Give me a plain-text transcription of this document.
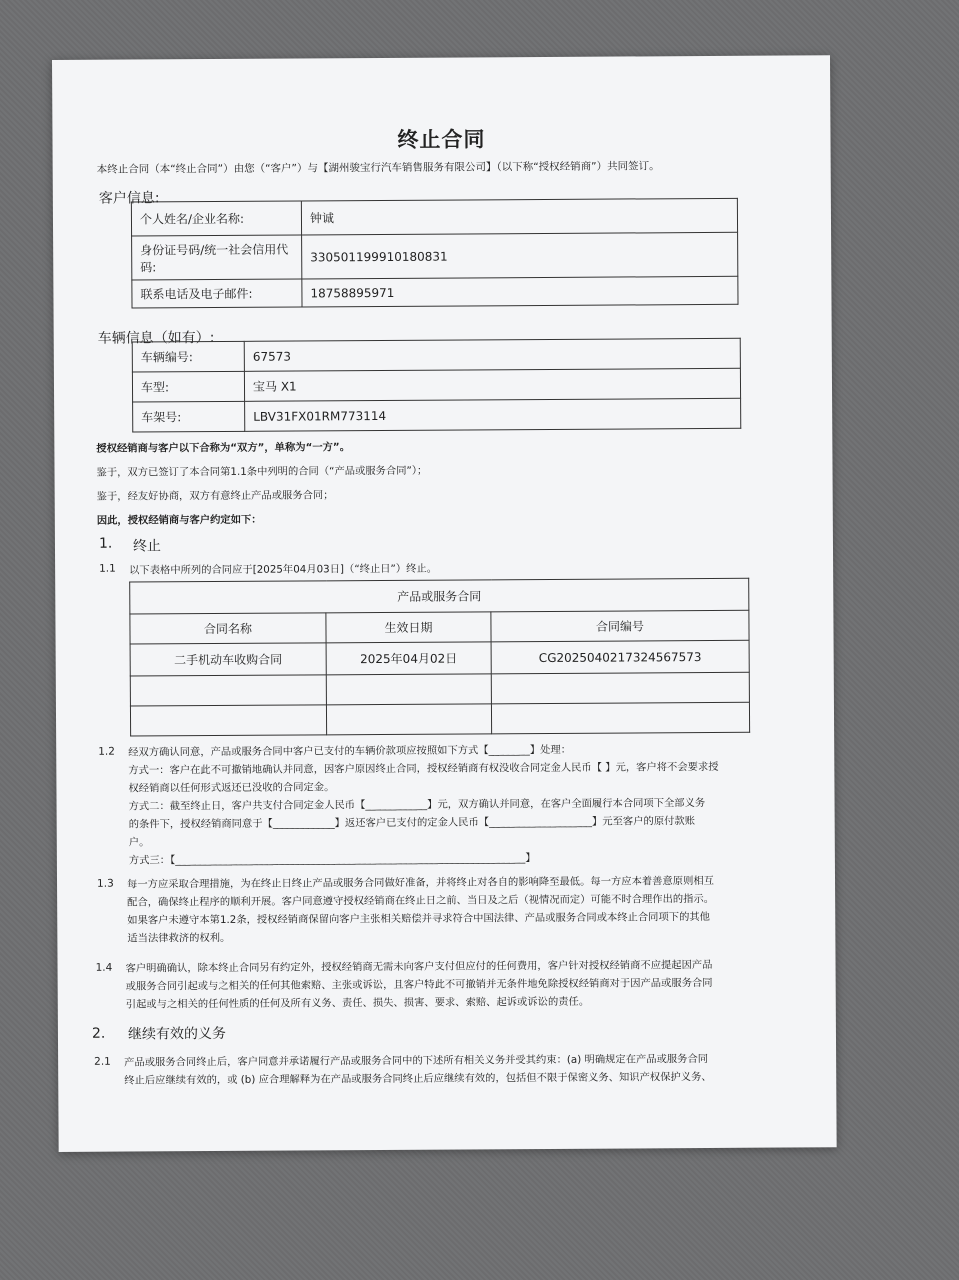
终止合同
本终止合同（本“终止合同”）由您（“客户”）与【湖州骏宝行汽车销售服务有限公司】（以下称“授权经销商”）共同签订。
客户信息:
个人姓名/企业名称:	钟诚
身份证号码/统一社会信用代码:	330501199910180831
联系电话及电子邮件:	18758895971
车辆信息（如有）:
车辆编号:	67573
车型:	宝马 X1
车架号:	LBV31FX01RM773114
授权经销商与客户以下合称为“双方”，单称为“一方”。
鉴于，双方已签订了本合同第1.1条中列明的合同（“产品或服务合同”）；
鉴于，经友好协商，双方有意终止产品或服务合同；
因此，授权经销商与客户约定如下：
1. 终止
1.1 以下表格中所列的合同应于[2025年04月03日]（“终止日”）终止。
产品或服务合同		
合同名称	生效日期	合同编号
二手机动车收购合同	2025年04月02日	CG2025040217324567573

1.2 经双方确认同意，产品或服务合同中客户已支付的车辆价款项应按照如下方式【________】处理：
方式一：客户在此不可撤销地确认并同意，因客户原因终止合同，授权经销商有权没收合同定金人民币【 】元，客户将不会要求授
权经销商以任何形式返还已没收的合同定金。
方式二：截至终止日，客户共支付合同定金人民币【____________】元，双方确认并同意，在客户全面履行本合同项下全部义务
的条件下，授权经销商同意于【____________】返还客户已支付的定金人民币【____________________】元至客户的原付款账
户。
方式三：【____________________________________________________________________】
1.3 每一方应采取合理措施，为在终止日终止产品或服务合同做好准备，并将终止对各自的影响降至最低。每一方应本着善意原则相互
配合，确保终止程序的顺利开展。客户同意遵守授权经销商在终止日之前、当日及之后（视情况而定）可能不时合理作出的指示。
如果客户未遵守本第1.2条，授权经销商保留向客户主张相关赔偿并寻求符合中国法律、产品或服务合同或本终止合同项下的其他
适当法律救济的权利。
1.4 客户明确确认，除本终止合同另有约定外，授权经销商无需未向客户支付但应付的任何费用，客户针对授权经销商不应提起因产品
或服务合同引起或与之相关的任何其他索赔、主张或诉讼，且客户特此不可撤销并无条件地免除授权经销商对于因产品或服务合同
引起或与之相关的任何性质的任何及所有义务、责任、损失、损害、要求、索赔、起诉或诉讼的责任。
2. 继续有效的义务
2.1 产品或服务合同终止后，客户同意并承诺履行产品或服务合同中的下述所有相关义务并受其约束：(a) 明确规定在产品或服务合同
终止后应继续有效的，或 (b) 应合理解释为在产品或服务合同终止后应继续有效的，包括但不限于保密义务、知识产权保护义务、
